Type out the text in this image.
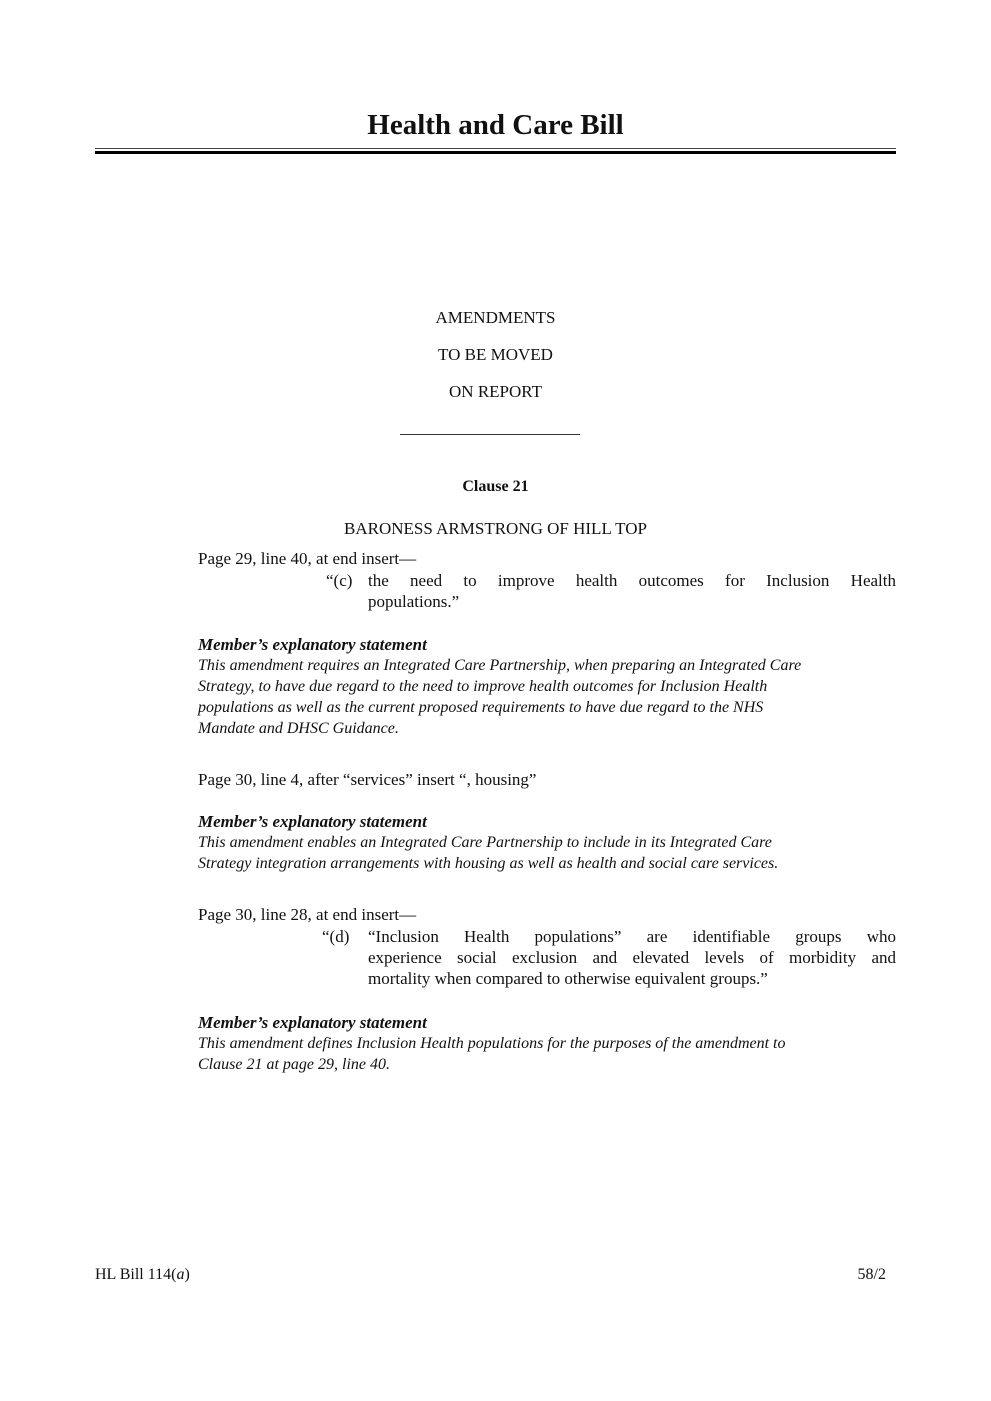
Health and Care Bill
AMENDMENTS
TO BE MOVED
ON REPORT
Clause 21
BARONESS ARMSTRONG OF HILL TOP
Page 29, line 40, at end insert—
“(c) the need to improve health outcomes for Inclusion Health
populations.”
Member’s explanatory statement
This amendment requires an Integrated Care Partnership, when preparing an Integrated Care
Strategy, to have due regard to the need to improve health outcomes for Inclusion Health
populations as well as the current proposed requirements to have due regard to the NHS
Mandate and DHSC Guidance.
Page 30, line 4, after “services” insert “, housing”
Member’s explanatory statement
This amendment enables an Integrated Care Partnership to include in its Integrated Care
Strategy integration arrangements with housing as well as health and social care services.
Page 30, line 28, at end insert—
“(d) “Inclusion Health populations” are identifiable groups who
experience social exclusion and elevated levels of morbidity and
mortality when compared to otherwise equivalent groups.”
Member’s explanatory statement
This amendment defines Inclusion Health populations for the purposes of the amendment to
Clause 21 at page 29, line 40.
HL Bill 114(a)	58/2
